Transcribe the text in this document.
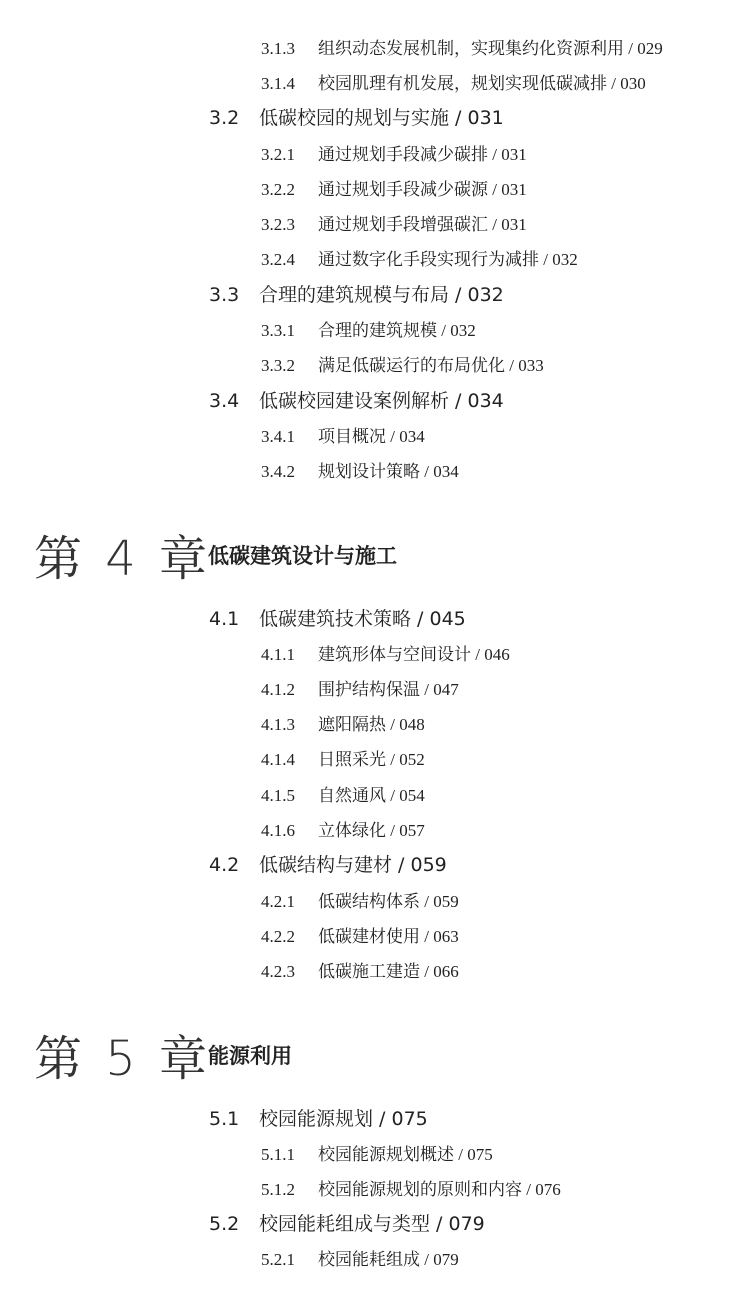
3.1.3	组织动态发展机制，实现集约化资源利用 / 029
3.1.4	校园肌理有机发展，规划实现低碳减排 / 030
3.2	低碳校园的规划与实施 / 031
3.2.1	通过规划手段减少碳排 / 031
3.2.2	通过规划手段减少碳源 / 031
3.2.3	通过规划手段增强碳汇 / 031
3.2.4	通过数字化手段实现行为减排 / 032
3.3	合理的建筑规模与布局 / 032
3.3.1	合理的建筑规模 / 032
3.3.2	满足低碳运行的布局优化 / 033
3.4	低碳校园建设案例解析 / 034
3.4.1	项目概况 / 034
3.4.2	规划设计策略 / 034
第 4 章
低碳建筑设计与施工
4.1	低碳建筑技术策略 / 045
4.1.1	建筑形体与空间设计 / 046
4.1.2	围护结构保温 / 047
4.1.3	遮阳隔热 / 048
4.1.4	日照采光 / 052
4.1.5	自然通风 / 054
4.1.6	立体绿化 / 057
4.2	低碳结构与建材 / 059
4.2.1	低碳结构体系 / 059
4.2.2	低碳建材使用 / 063
4.2.3	低碳施工建造 / 066
第 5 章
能源利用
5.1	校园能源规划 / 075
5.1.1	校园能源规划概述 / 075
5.1.2	校园能源规划的原则和内容 / 076
5.2	校园能耗组成与类型 / 079
5.2.1	校园能耗组成 / 079
